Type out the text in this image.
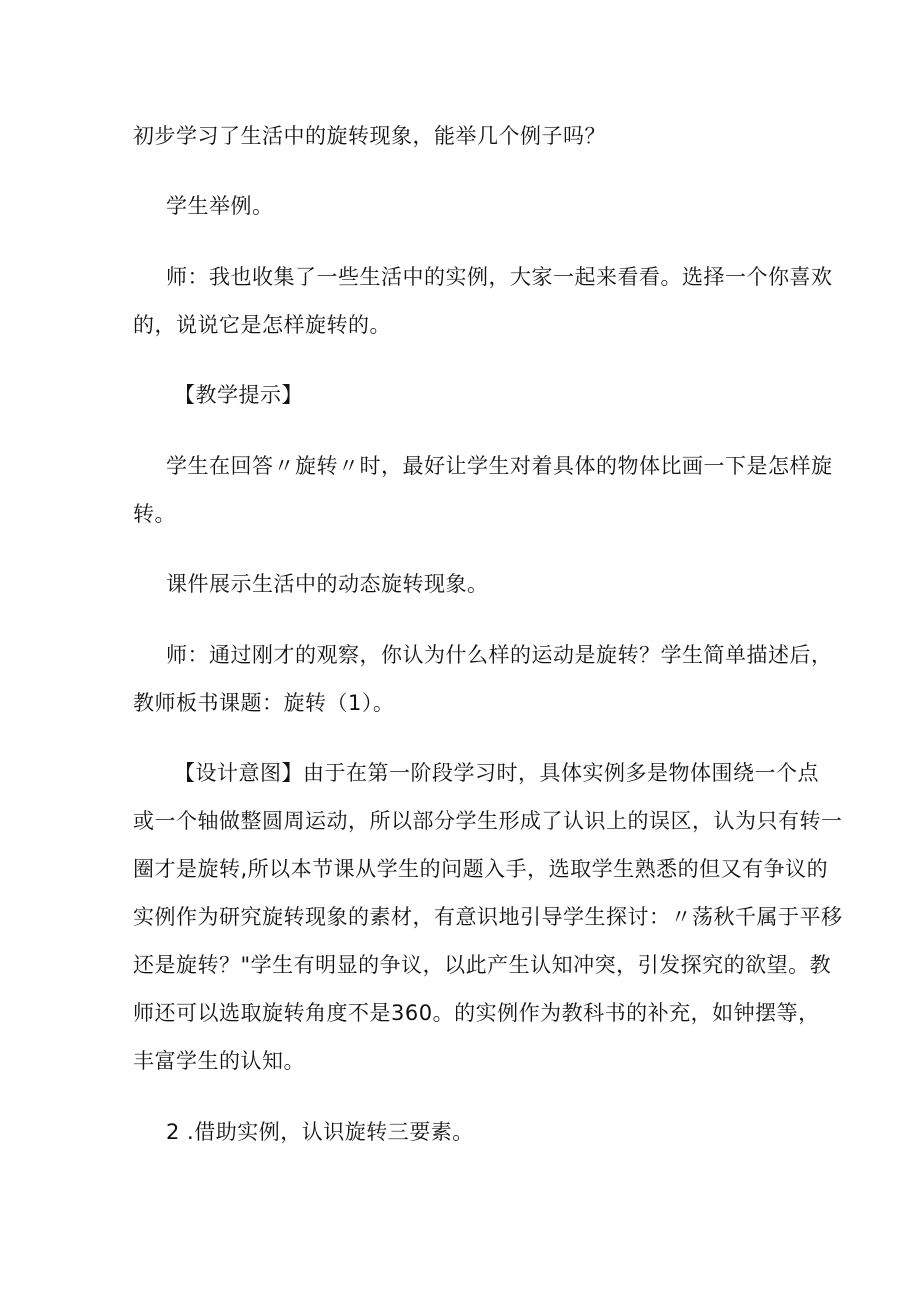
初步学习了生活中的旋转现象，能举几个例子吗？
学生举例。
师：我也收集了一些生活中的实例，大家一起来看看。选择一个你喜欢
的，说说它是怎样旋转的。
【教学提示】
学生在回答〃旋转〃时，最好让学生对着具体的物体比画一下是怎样旋
转。
课件展示生活中的动态旋转现象。
师：通过刚才的观察，你认为什么样的运动是旋转？学生简单描述后，
教师板书课题：旋转（1）。
【设计意图】由于在第一阶段学习时，具体实例多是物体围绕一个点
或一个轴做整圆周运动，所以部分学生形成了认识上的误区，认为只有转一
圈才是旋转,所以本节课从学生的问题入手，选取学生熟悉的但又有争议的
实例作为研究旋转现象的素材，有意识地引导学生探讨：〃荡秋千属于平移
还是旋转？"学生有明显的争议，以此产生认知冲突，引发探究的欲望。教
师还可以选取旋转角度不是360。的实例作为教科书的补充，如钟摆等，
丰富学生的认知。
2 .借助实例，认识旋转三要素。
